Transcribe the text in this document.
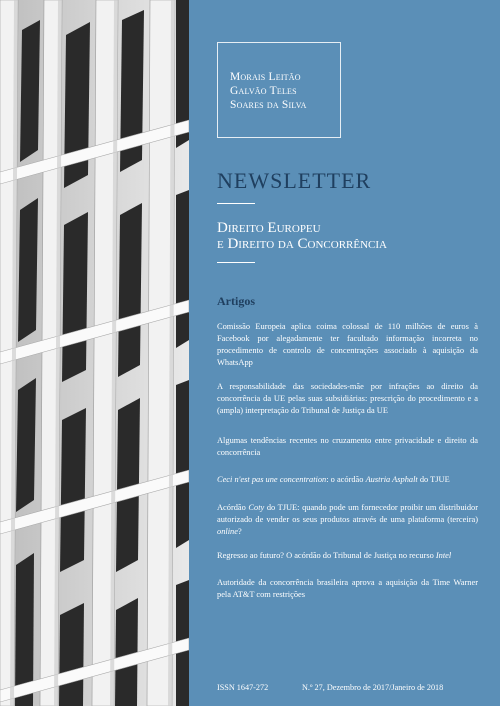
Morais Leitão
Galvão Teles
Soares da Silva
NEWSLETTER
Direito Europeu
e Direito da Concorrência
Artigos
Comissão Europeia aplica coima colossal de 110 milhões de euros à Facebook por alegadamente ter facultado informação incorreta no procedimento de controlo de concentrações associado à aquisição da WhatsApp
A responsabilidade das sociedades-mãe por infrações ao direito da concorrência da UE pelas suas subsidiárias: prescrição do procedimento e a (ampla) interpretação do Tribunal de Justiça da UE
Algumas tendências recentes no cruzamento entre privacidade e direito da concorrência
Ceci n'est pas une concentration: o acórdão Austria Asphalt do TJUE
Acórdão Coty do TJUE: quando pode um fornecedor proibir um distribuidor autorizado de vender os seus produtos através de uma plataforma (terceira) online?
Regresso ao futuro? O acórdão do Tribunal de Justiça no recurso Intel
Autoridade da concorrência brasileira aprova a aquisição da Time Warner pela AT&T com restrições
ISSN 1647-272	N.º 27, Dezembro de 2017/Janeiro de 2018
